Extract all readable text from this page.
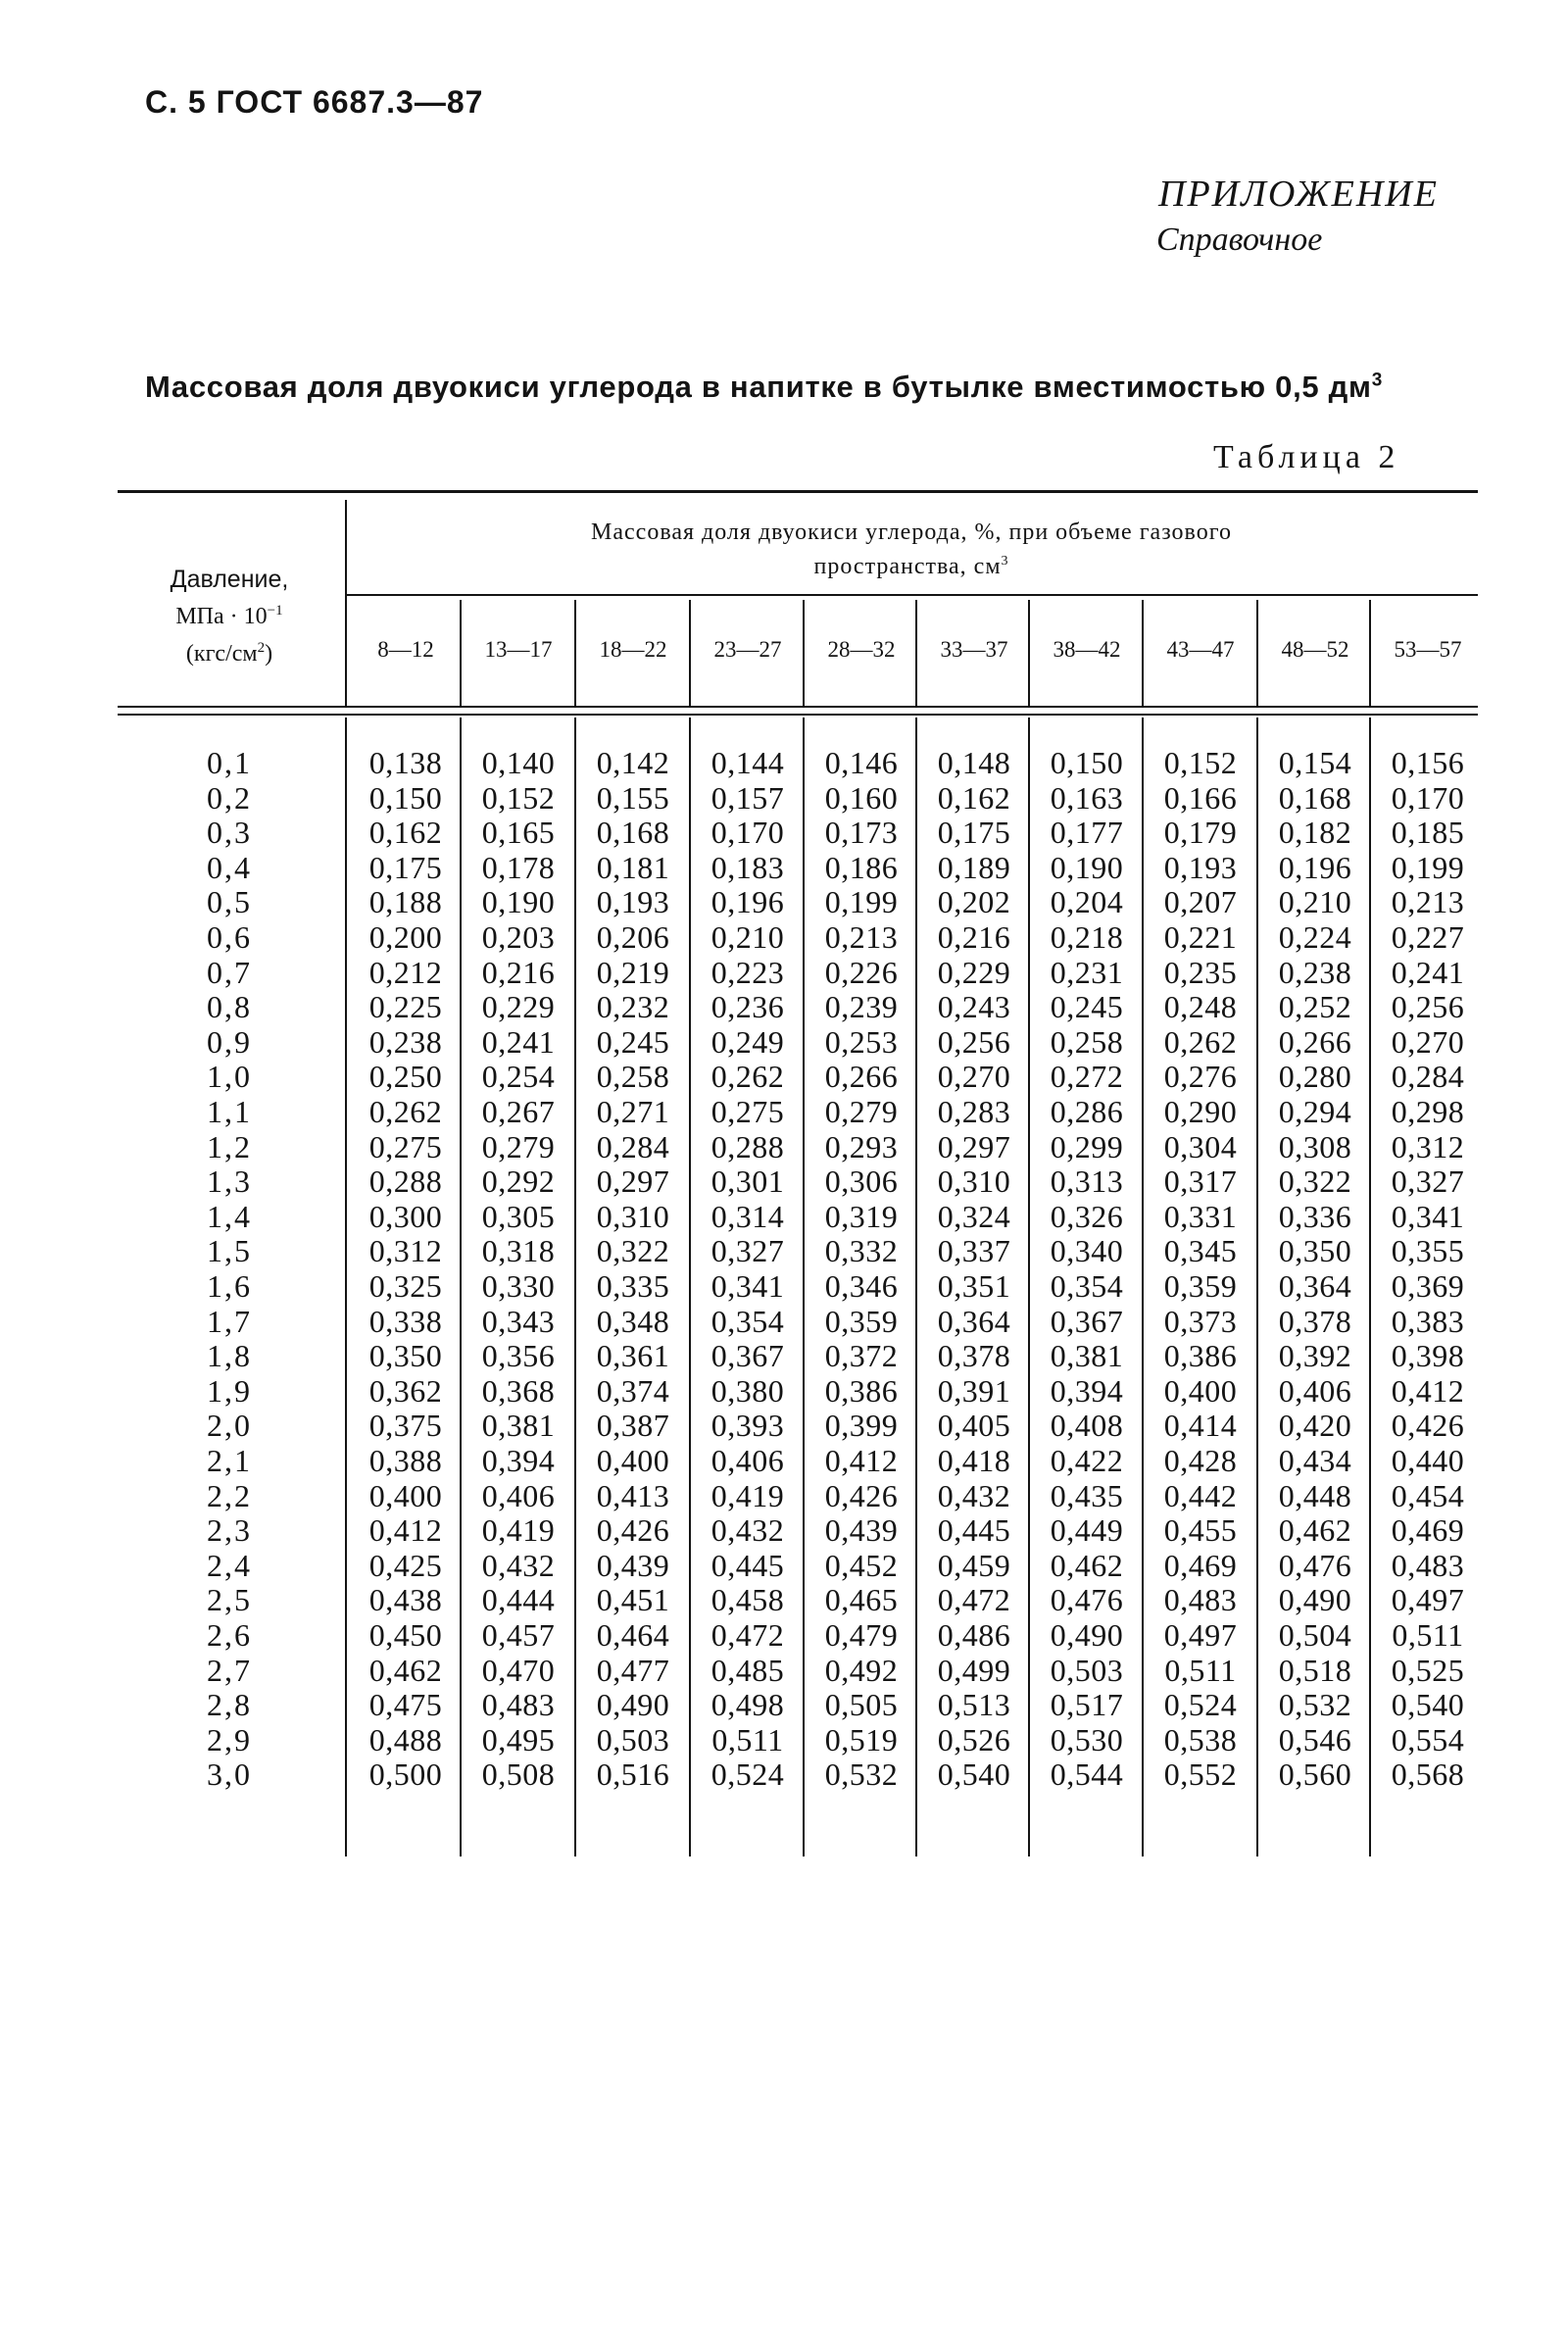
С. 5 ГОСТ 6687.3—87
ПРИЛОЖЕНИЕ
Справочное
Массовая доля двуокиси углерода в напитке в бутылке вместимостью 0,5 $дм^3$
Таблица 2
Давление,
МПа · $10^{-1}$
$(кгс/см^2)$
Массовая доля двуокиси углерода, %, при объеме газового
пространства, $см^3$
8—12	13—17	18—22	23—27	28—32	33—37	38—42	43—47	48—52	53—57
0,1	0,138	0,140	0,142	0,144	0,146	0,148	0,150	0,152	0,154	0,156
0,2	0,150	0,152	0,155	0,157	0,160	0,162	0,163	0,166	0,168	0,170
0,3	0,162	0,165	0,168	0,170	0,173	0,175	0,177	0,179	0,182	0,185
0,4	0,175	0,178	0,181	0,183	0,186	0,189	0,190	0,193	0,196	0,199
0,5	0,188	0,190	0,193	0,196	0,199	0,202	0,204	0,207	0,210	0,213
0,6	0,200	0,203	0,206	0,210	0,213	0,216	0,218	0,221	0,224	0,227
0,7	0,212	0,216	0,219	0,223	0,226	0,229	0,231	0,235	0,238	0,241
0,8	0,225	0,229	0,232	0,236	0,239	0,243	0,245	0,248	0,252	0,256
0,9	0,238	0,241	0,245	0,249	0,253	0,256	0,258	0,262	0,266	0,270
1,0	0,250	0,254	0,258	0,262	0,266	0,270	0,272	0,276	0,280	0,284
1,1	0,262	0,267	0,271	0,275	0,279	0,283	0,286	0,290	0,294	0,298
1,2	0,275	0,279	0,284	0,288	0,293	0,297	0,299	0,304	0,308	0,312
1,3	0,288	0,292	0,297	0,301	0,306	0,310	0,313	0,317	0,322	0,327
1,4	0,300	0,305	0,310	0,314	0,319	0,324	0,326	0,331	0,336	0,341
1,5	0,312	0,318	0,322	0,327	0,332	0,337	0,340	0,345	0,350	0,355
1,6	0,325	0,330	0,335	0,341	0,346	0,351	0,354	0,359	0,364	0,369
1,7	0,338	0,343	0,348	0,354	0,359	0,364	0,367	0,373	0,378	0,383
1,8	0,350	0,356	0,361	0,367	0,372	0,378	0,381	0,386	0,392	0,398
1,9	0,362	0,368	0,374	0,380	0,386	0,391	0,394	0,400	0,406	0,412
2,0	0,375	0,381	0,387	0,393	0,399	0,405	0,408	0,414	0,420	0,426
2,1	0,388	0,394	0,400	0,406	0,412	0,418	0,422	0,428	0,434	0,440
2,2	0,400	0,406	0,413	0,419	0,426	0,432	0,435	0,442	0,448	0,454
2,3	0,412	0,419	0,426	0,432	0,439	0,445	0,449	0,455	0,462	0,469
2,4	0,425	0,432	0,439	0,445	0,452	0,459	0,462	0,469	0,476	0,483
2,5	0,438	0,444	0,451	0,458	0,465	0,472	0,476	0,483	0,490	0,497
2,6	0,450	0,457	0,464	0,472	0,479	0,486	0,490	0,497	0,504	0,511
2,7	0,462	0,470	0,477	0,485	0,492	0,499	0,503	0,511	0,518	0,525
2,8	0,475	0,483	0,490	0,498	0,505	0,513	0,517	0,524	0,532	0,540
2,9	0,488	0,495	0,503	0,511	0,519	0,526	0,530	0,538	0,546	0,554
3,0	0,500	0,508	0,516	0,524	0,532	0,540	0,544	0,552	0,560	0,568
